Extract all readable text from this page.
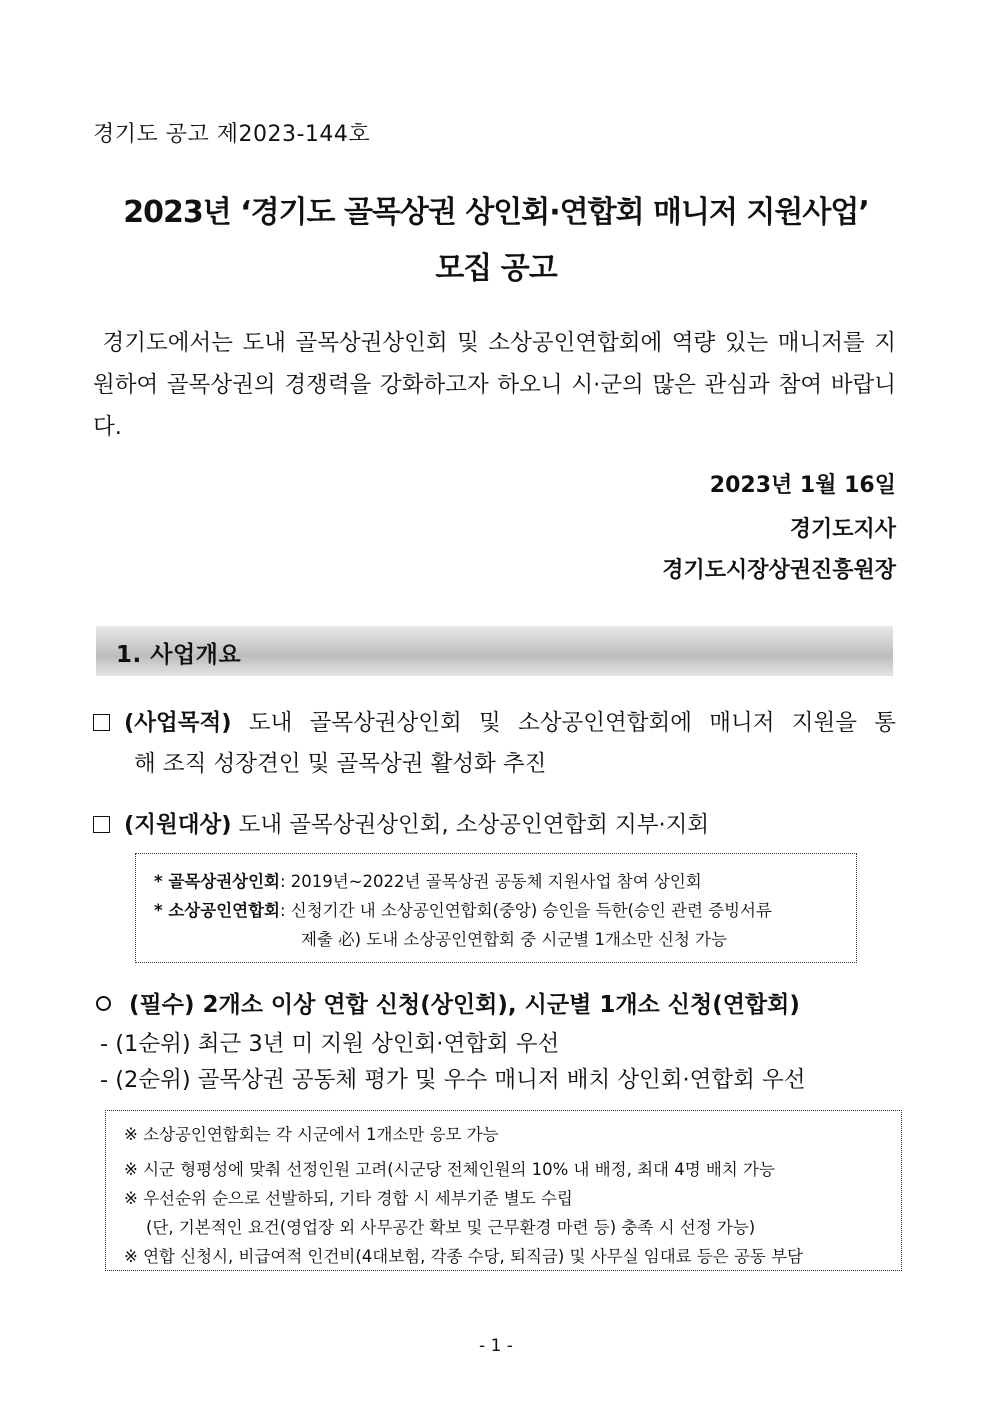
경기도 공고 제2023-144호
2023년 ‘경기도 골목상권 상인회·연합회 매니저 지원사업’
모집 공고
경기도에서는 도내 골목상권상인회 및 소상공인연합회에 역량 있는 매니저를 지원하여 골목상권의 경쟁력을 강화하고자 하오니 시·군의 많은 관심과 참여 바랍니다.
2023년 1월 16일
경기도지사
경기도시장상권진흥원장
1. 사업개요
(사업목적) 도내 골목상권상인회 및 소상공인연합회에 매니저 지원을 통
해 조직 성장견인 및 골목상권 활성화 추진
(지원대상) 도내 골목상권상인회, 소상공인연합회 지부·지회
* 골목상권상인회: 2019년~2022년 골목상권 공동체 지원사업 참여 상인회
* 소상공인연합회: 신청기간 내 소상공인연합회(중앙) 승인을 득한(승인 관련 증빙서류
제출 必) 도내 소상공인연합회 중 시군별 1개소만 신청 가능
(필수) 2개소 이상 연합 신청(상인회), 시군별 1개소 신청(연합회)
- (1순위) 최근 3년 미 지원 상인회·연합회 우선
- (2순위) 골목상권 공동체 평가 및 우수 매니저 배치 상인회·연합회 우선
※ 소상공인연합회는 각 시군에서 1개소만 응모 가능
※ 시군 형평성에 맞춰 선정인원 고려(시군당 전체인원의 10% 내 배정, 최대 4명 배치 가능
※ 우선순위 순으로 선발하되, 기타 경합 시 세부기준 별도 수립
(단, 기본적인 요건(영업장 외 사무공간 확보 및 근무환경 마련 등) 충족 시 선정 가능)
※ 연합 신청시, 비급여적 인건비(4대보험, 각종 수당, 퇴직금) 및 사무실 임대료 등은 공동 부담
- 1 -
